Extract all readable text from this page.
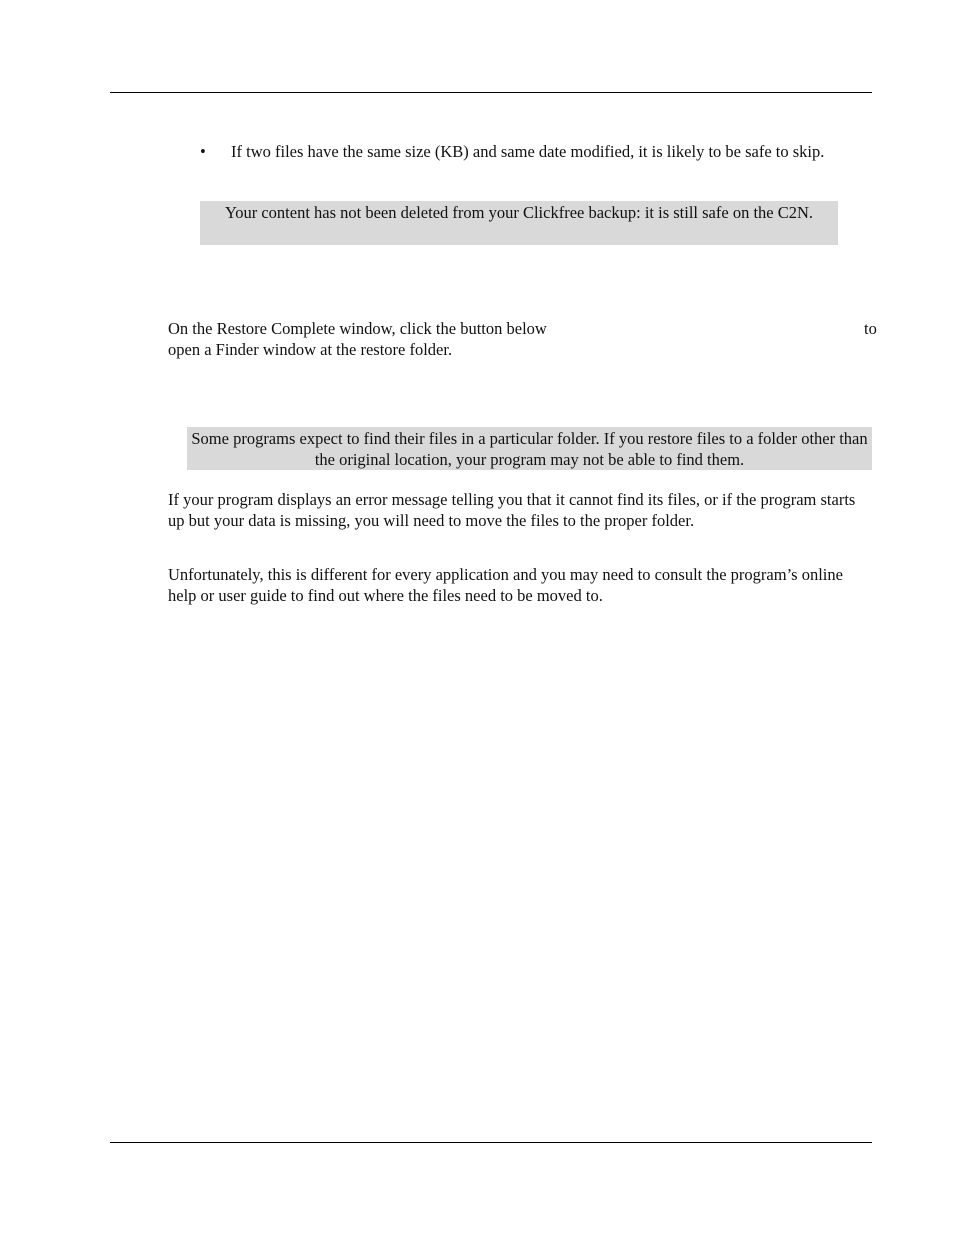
•	If two files have the same size (KB) and same date modified, it is likely to be safe to skip.
Your content has not been deleted from your Clickfree backup: it is still safe on the C2N.
On the Restore Complete window, click the button below	to

open a Finder window at the restore folder.
Some programs expect to find their files in a particular folder. If you restore files to a folder other than the original location, your program may not be able to find them.
If your program displays an error message telling you that it cannot find its files, or if the program starts up but your data is missing, you will need to move the files to the proper folder.
Unfortunately, this is different for every application and you may need to consult the program’s online help or user guide to find out where the files need to be moved to.
